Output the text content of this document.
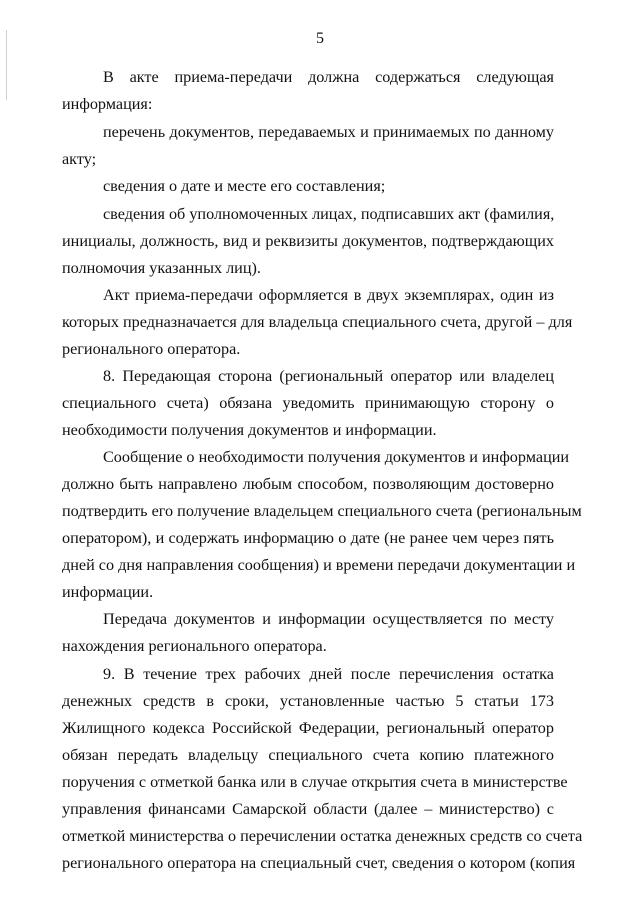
5
В акте приема-передачи должна содержаться следующая
информация:
перечень документов, передаваемых и принимаемых по данному
акту;
сведения о дате и месте его составления;
сведения об уполномоченных лицах, подписавших акт (фамилия,
инициалы, должность, вид и реквизиты документов, подтверждающих
полномочия указанных лиц).
Акт приема-передачи оформляется в двух экземплярах, один из
которых предназначается для владельца специального счета, другой – для
регионального оператора.
8. Передающая сторона (региональный оператор или владелец
специального счета) обязана уведомить принимающую сторону о
необходимости получения документов и информации.
Сообщение о необходимости получения документов и информации
должно быть направлено любым способом, позволяющим достоверно
подтвердить его получение владельцем специального счета (региональным
оператором), и содержать информацию о дате (не ранее чем через пять
дней со дня направления сообщения) и времени передачи документации и
информации.
Передача документов и информации осуществляется по месту
нахождения регионального оператора.
9. В течение трех рабочих дней после перечисления остатка
денежных средств в сроки, установленные частью 5 статьи 173
Жилищного кодекса Российской Федерации, региональный оператор
обязан передать владельцу специального счета копию платежного
поручения с отметкой банка или в случае открытия счета в министерстве
управления финансами Самарской области (далее – министерство) с
отметкой министерства о перечислении остатка денежных средств со счета
регионального оператора на специальный счет, сведения о котором (копия
